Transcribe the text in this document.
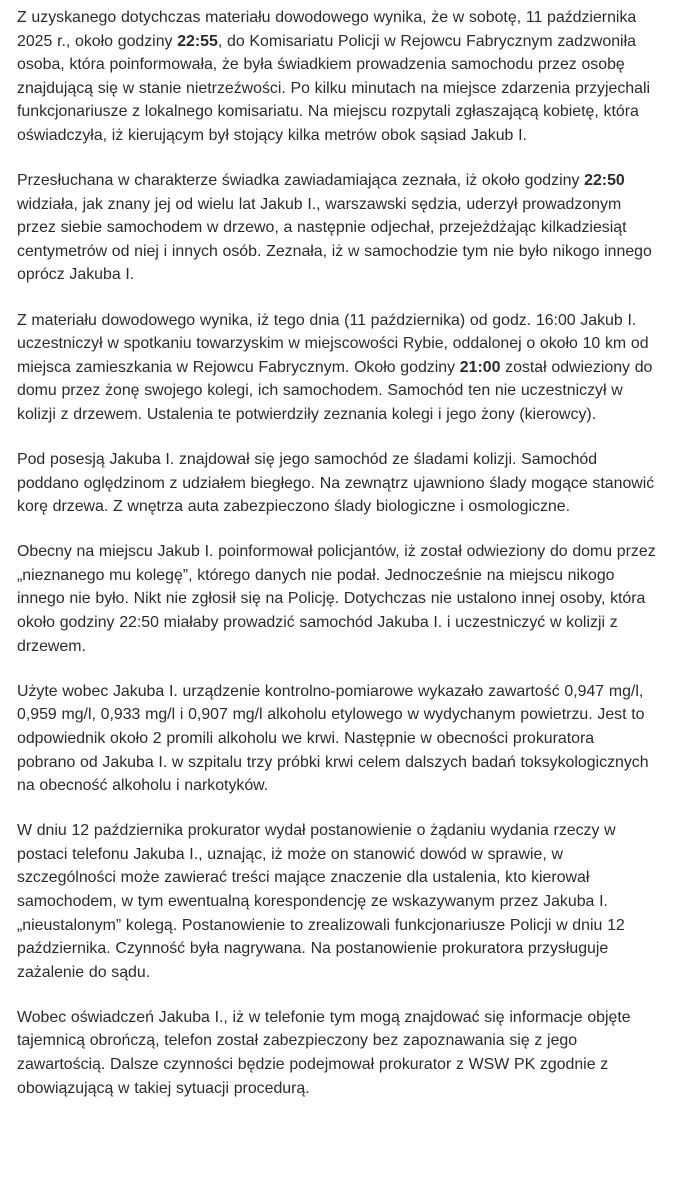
Z uzyskanego dotychczas materiału dowodowego wynika, że w sobotę, 11 października 2025 r., około godziny 22:55, do Komisariatu Policji w Rejowcu Fabrycznym zadzwoniła osoba, która poinformowała, że była świadkiem prowadzenia samochodu przez osobę znajdującą się w stanie nietrzeźwości. Po kilku minutach na miejsce zdarzenia przyjechali funkcjonariusze z lokalnego komisariatu. Na miejscu rozpytali zgłaszającą kobietę, która oświadczyła, iż kierującym był stojący kilka metrów obok sąsiad Jakub I.

Przesłuchana w charakterze świadka zawiadamiająca zeznała, iż około godziny 22:50 widziała, jak znany jej od wielu lat Jakub I., warszawski sędzia, uderzył prowadzonym przez siebie samochodem w drzewo, a następnie odjechał, przejeżdżając kilkadziesiąt centymetrów od niej i innych osób. Zeznała, iż w samochodzie tym nie było nikogo innego oprócz Jakuba I.

Z materiału dowodowego wynika, iż tego dnia (11 października) od godz. 16:00 Jakub I. uczestniczył w spotkaniu towarzyskim w miejscowości Rybie, oddalonej o około 10 km od miejsca zamieszkania w Rejowcu Fabrycznym. Około godziny 21:00 został odwieziony do domu przez żonę swojego kolegi, ich samochodem. Samochód ten nie uczestniczył w kolizji z drzewem. Ustalenia te potwierdziły zeznania kolegi i jego żony (kierowcy).

Pod posesją Jakuba I. znajdował się jego samochód ze śladami kolizji. Samochód poddano oględzinom z udziałem biegłego. Na zewnątrz ujawniono ślady mogące stanowić korę drzewa. Z wnętrza auta zabezpieczono ślady biologiczne i osmologiczne.

Obecny na miejscu Jakub I. poinformował policjantów, iż został odwieziony do domu przez „nieznanego mu kolegę”, którego danych nie podał. Jednocześnie na miejscu nikogo innego nie było. Nikt nie zgłosił się na Policję. Dotychczas nie ustalono innej osoby, która około godziny 22:50 miałaby prowadzić samochód Jakuba I. i uczestniczyć w kolizji z drzewem.

Użyte wobec Jakuba I. urządzenie kontrolno-pomiarowe wykazało zawartość 0,947 mg/l, 0,959 mg/l, 0,933 mg/l i 0,907 mg/l alkoholu etylowego w wydychanym powietrzu. Jest to odpowiednik około 2 promili alkoholu we krwi. Następnie w obecności prokuratora pobrano od Jakuba I. w szpitalu trzy próbki krwi celem dalszych badań toksykologicznych na obecność alkoholu i narkotyków.

W dniu 12 października prokurator wydał postanowienie o żądaniu wydania rzeczy w postaci telefonu Jakuba I., uznając, iż może on stanowić dowód w sprawie, w szczególności może zawierać treści mające znaczenie dla ustalenia, kto kierował samochodem, w tym ewentualną korespondencję ze wskazywanym przez Jakuba I. „nieustalonym” kolegą. Postanowienie to zrealizowali funkcjonariusze Policji w dniu 12 października. Czynność była nagrywana. Na postanowienie prokuratora przysługuje zażalenie do sądu.

Wobec oświadczeń Jakuba I., iż w telefonie tym mogą znajdować się informacje objęte tajemnicą obrończą, telefon został zabezpieczony bez zapoznawania się z jego zawartością. Dalsze czynności będzie podejmował prokurator z WSW PK zgodnie z obowiązującą w takiej sytuacji procedurą.
